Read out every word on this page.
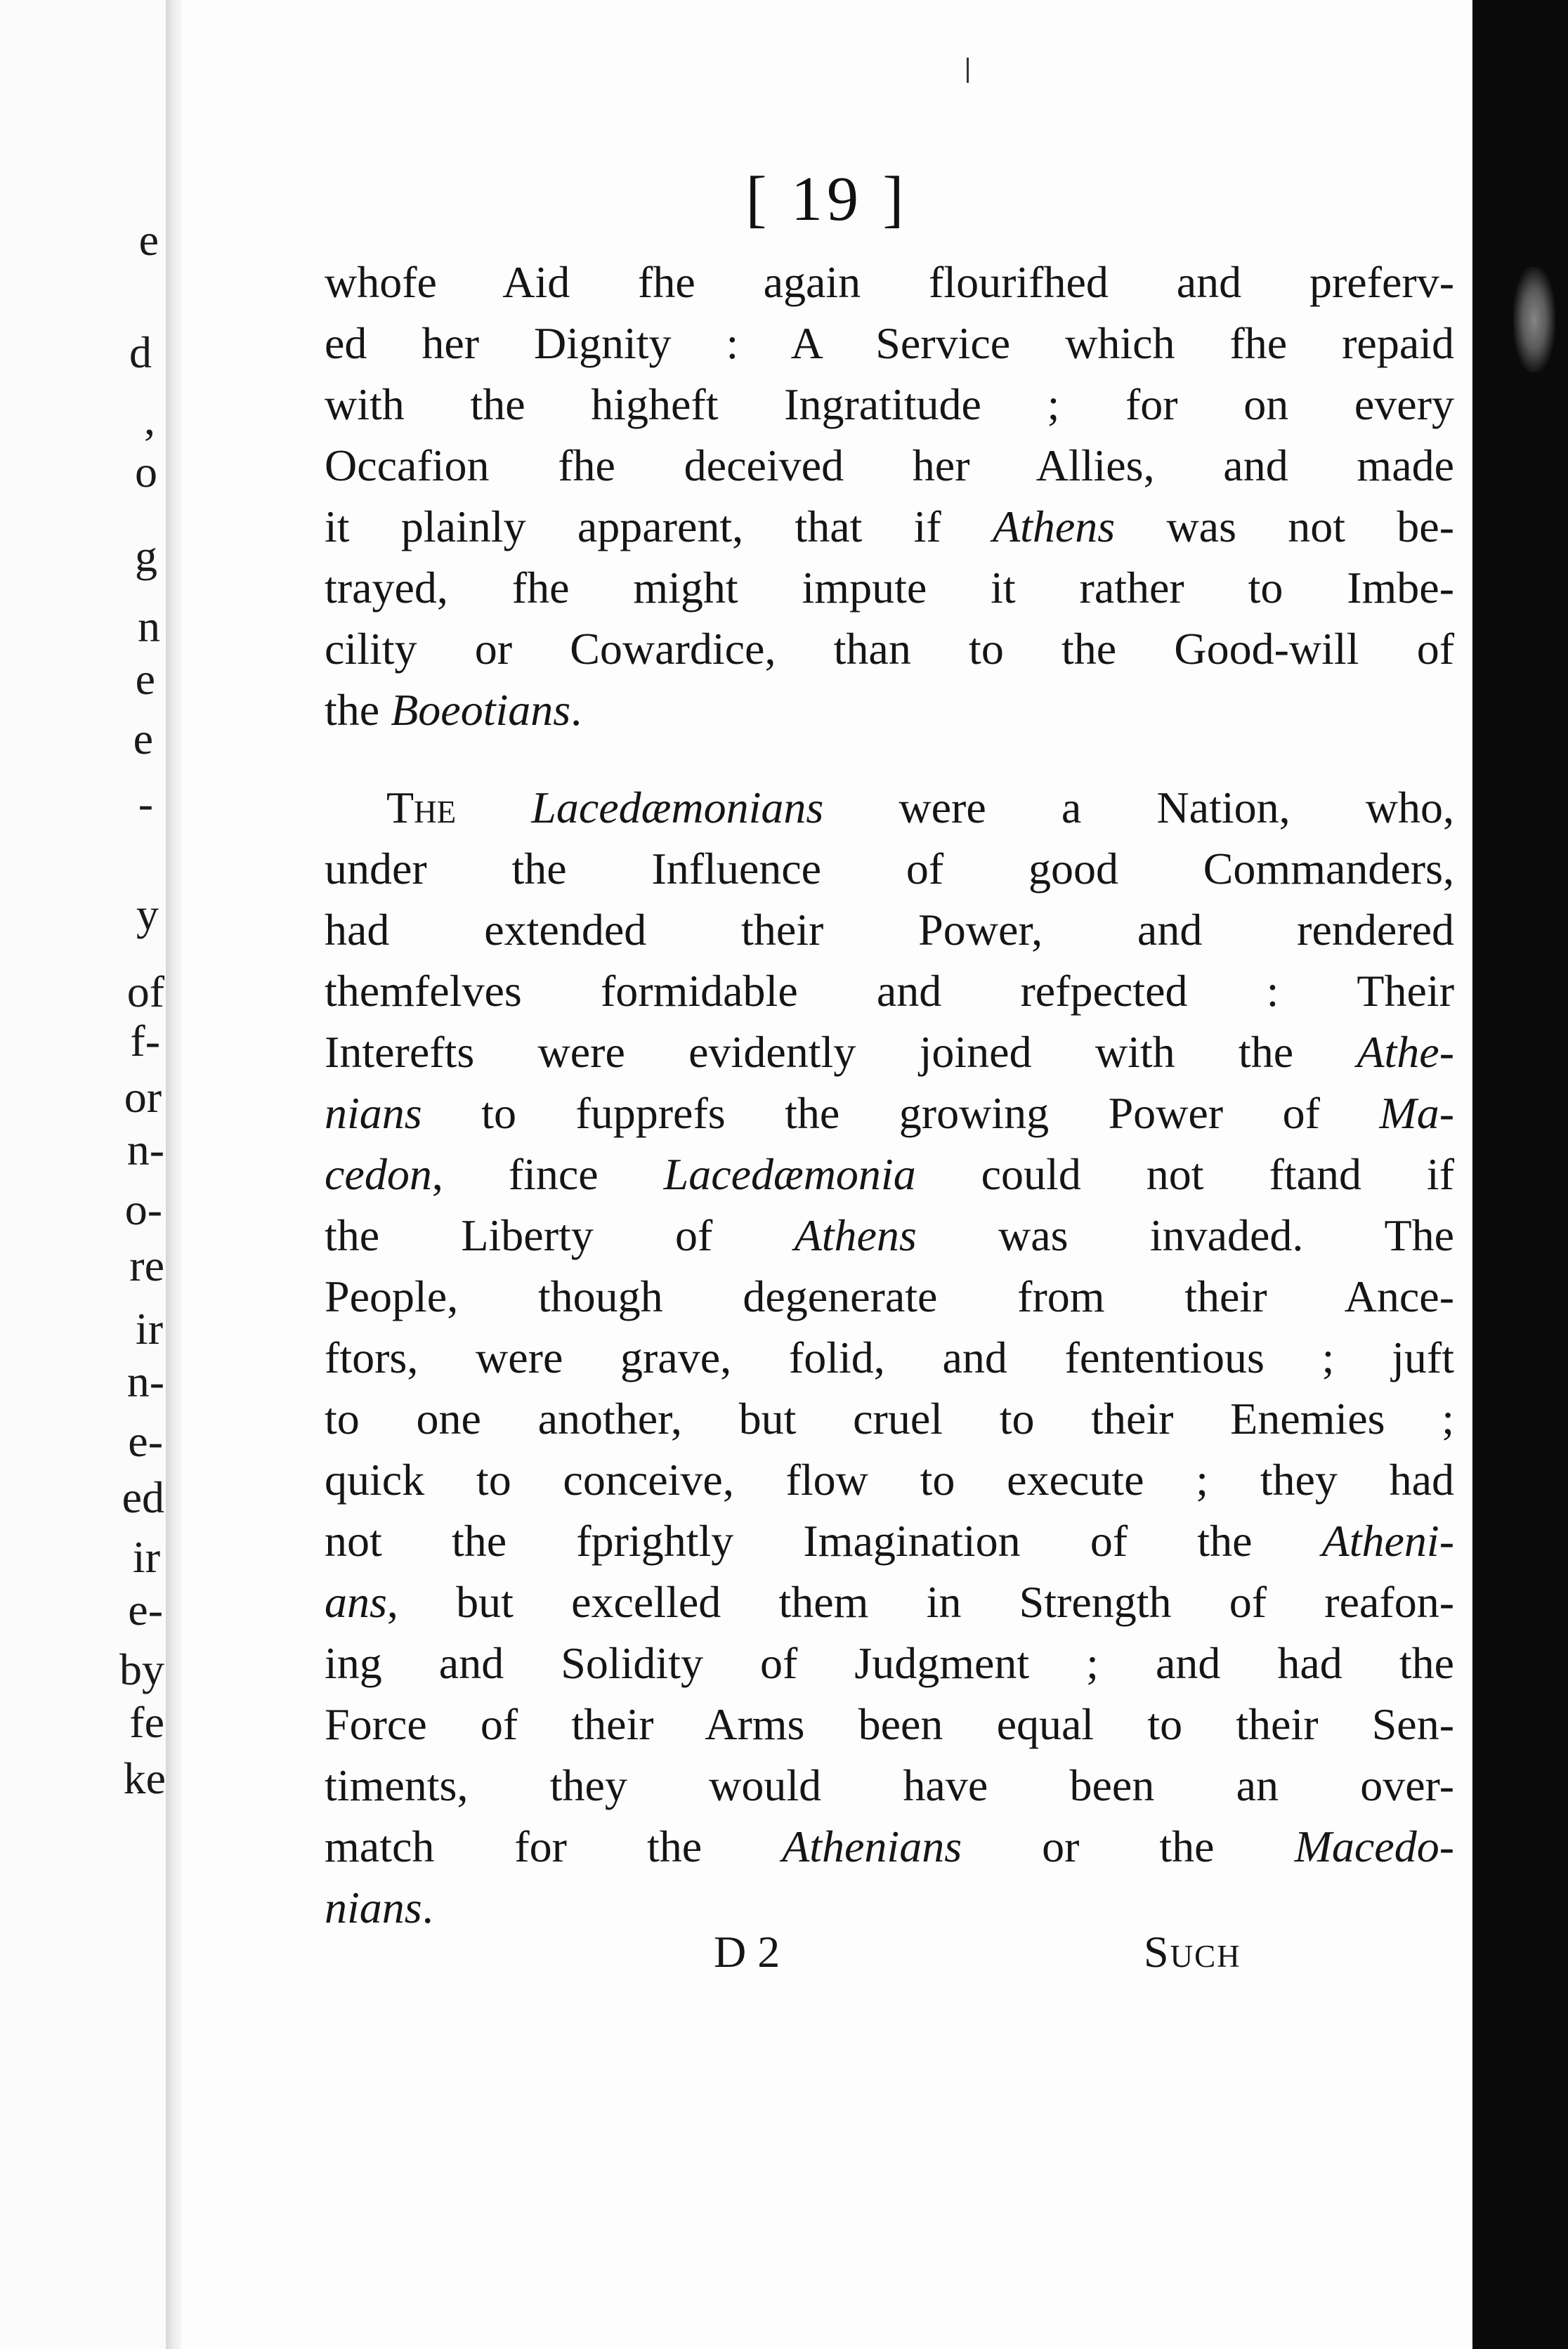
e
d
,
o
g
n
e
e
-
y
of
f-
or
n-
o-
re
ir
n-
e-
ed
ir
e-
by
fe
ke
[ 19 ]
whofe Aid fhe again flourifhed and preferv-
ed her Dignity : A Service which fhe repaid
with the higheft Ingratitude ; for on every
Occafion fhe deceived her Allies, and made
it plainly apparent, that if Athens was not be-
trayed, fhe might impute it rather to Imbe-
cility or Cowardice, than to the Good-will of
the Boeotians.
The Lacedæmonians were a Nation, who,
under the Influence of good Commanders,
had extended their Power, and rendered
themfelves formidable and refpected : Their
Interefts were evidently joined with the Athe-
nians to fupprefs the growing Power of Ma-
cedon, fince Lacedæmonia could not ftand if
the Liberty of Athens was invaded. The
People, though degenerate from their Ance-
ftors, were grave, folid, and fententious ; juft
to one another, but cruel to their Enemies ;
quick to conceive, flow to execute ; they had
not the fprightly Imagination of the Atheni-
ans, but excelled them in Strength of reafon-
ing and Solidity of Judgment ; and had the
Force of their Arms been equal to their Sen-
timents, they would have been an over-
match for the Athenians or the Macedo-
nians.
D 2	Such
